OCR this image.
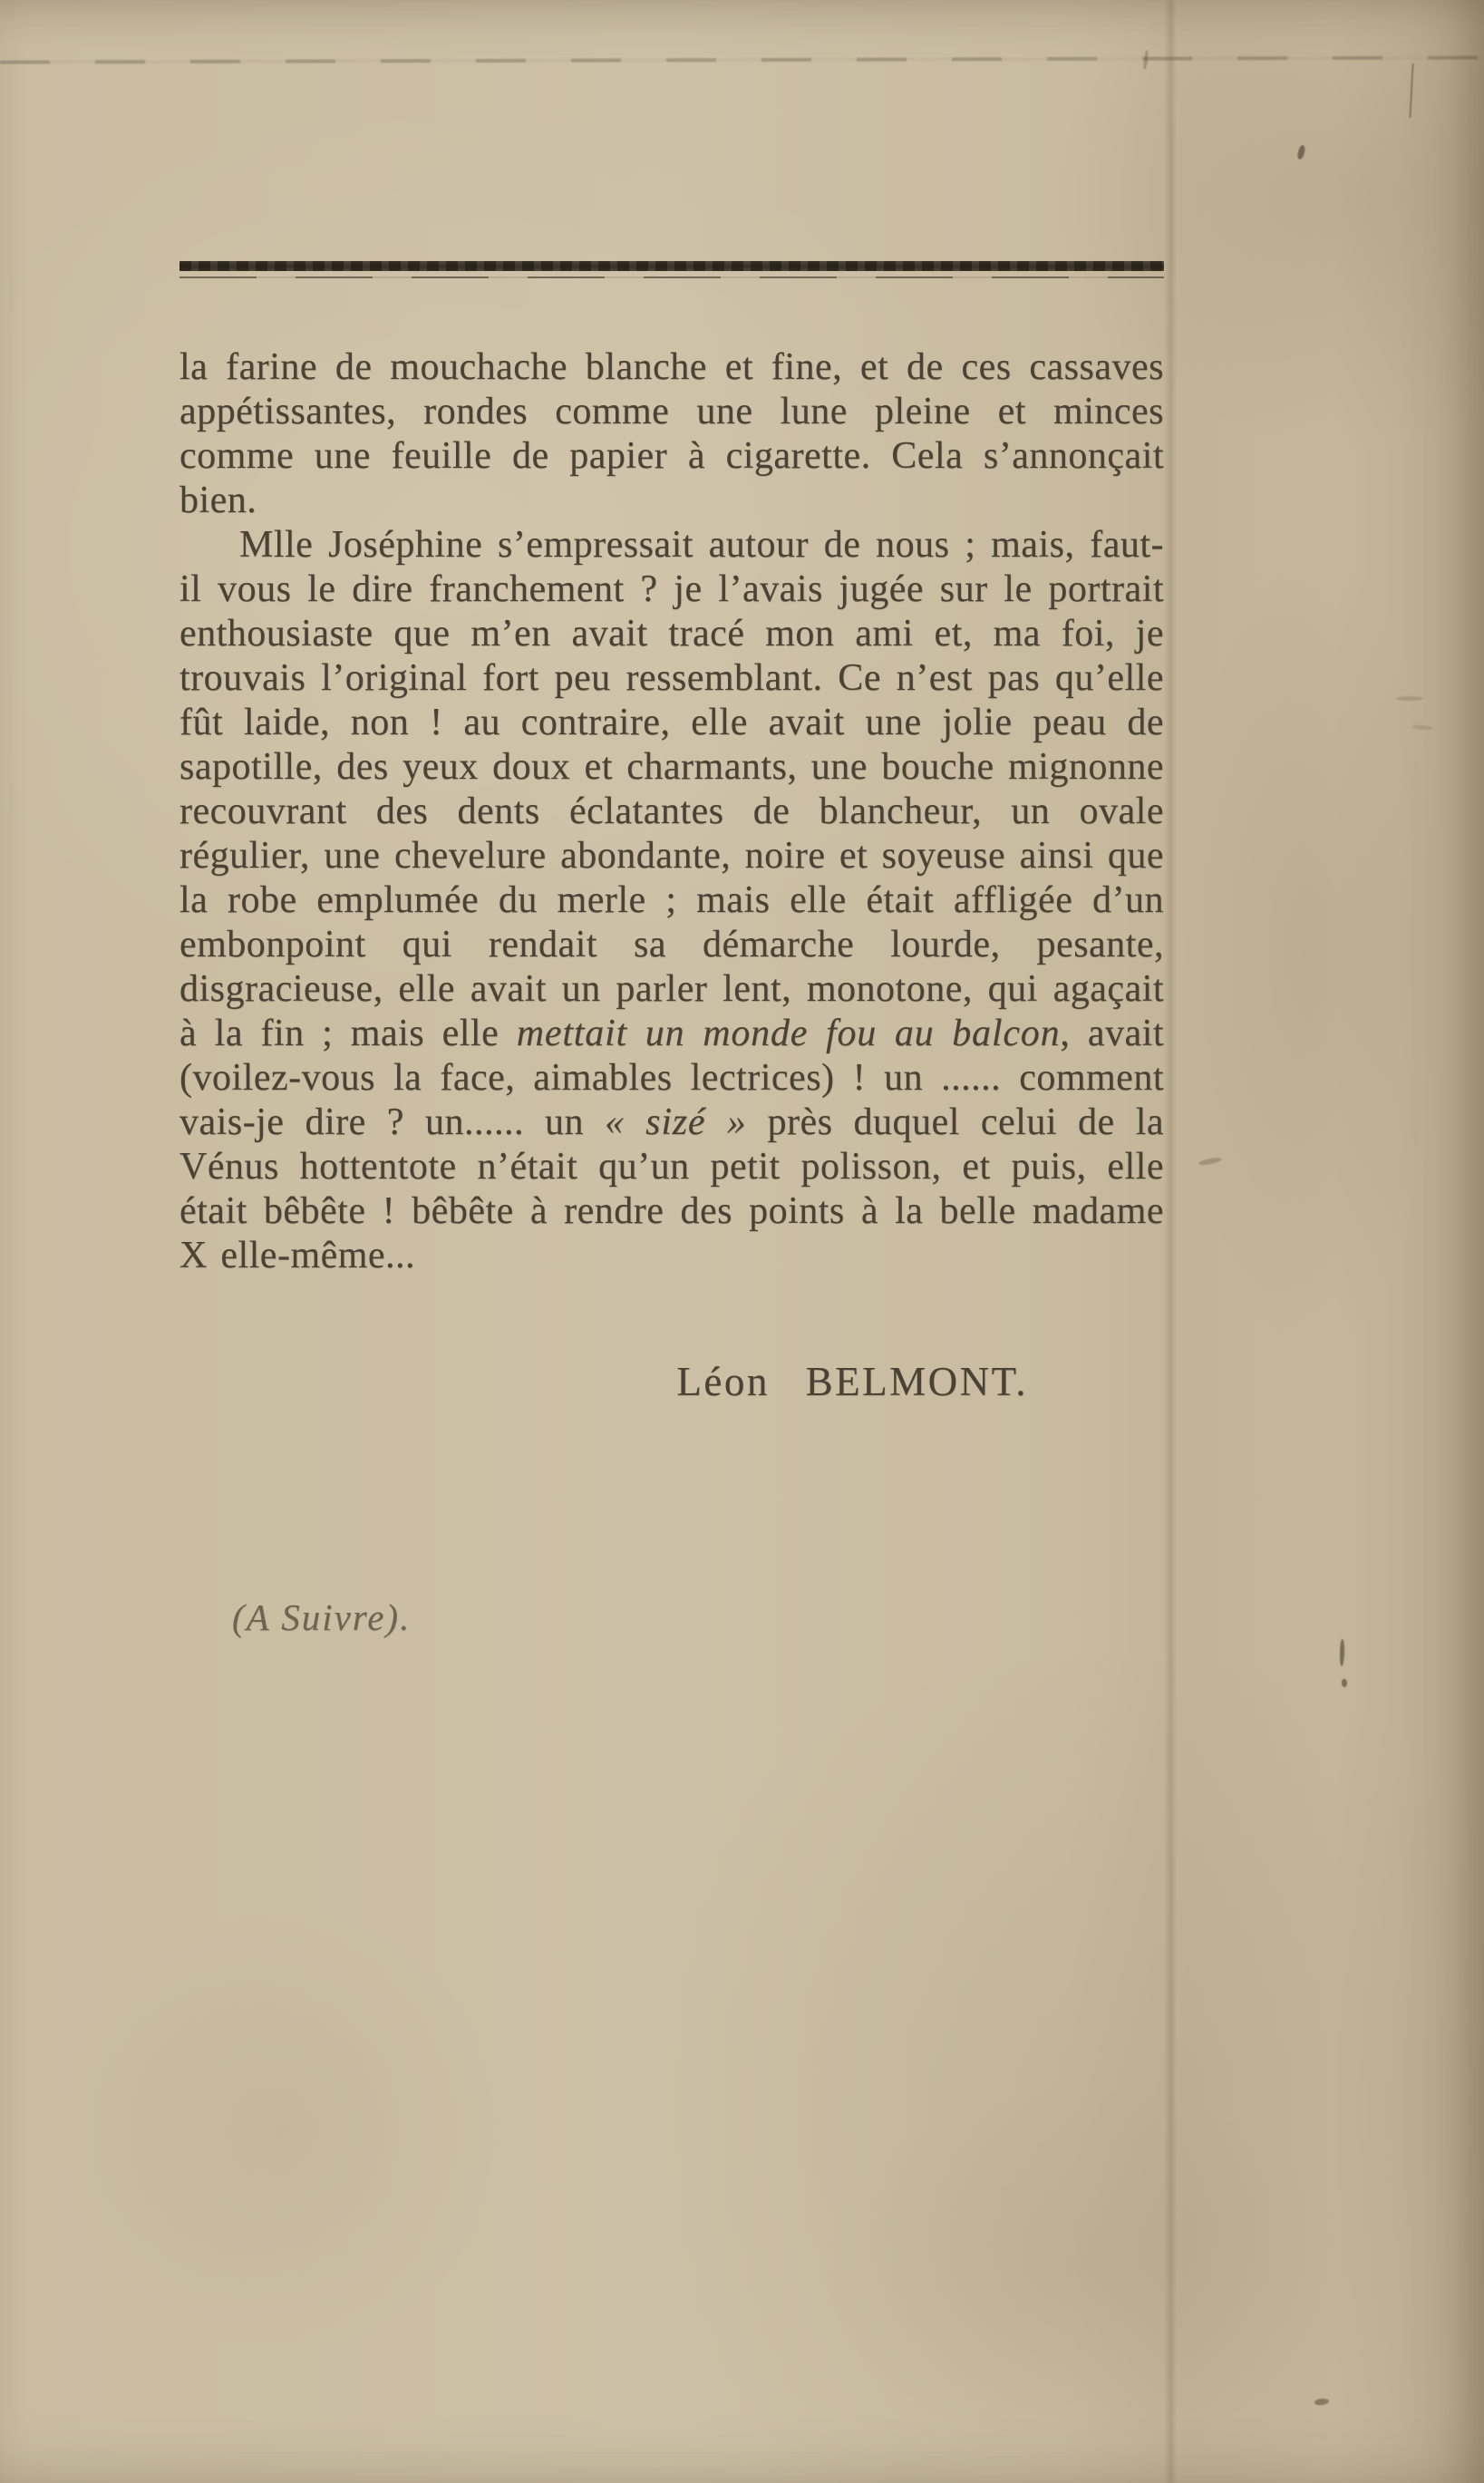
la farine de mouchache blanche et fine, et de ces cassaves appétissantes, rondes comme une lune pleine et minces comme une feuille de papier à cigarette. Cela s’annonçait bien.

Mlle Joséphine s’empressait autour de nous ; mais, faut-il vous le dire franchement ? je l’avais jugée sur le portrait enthousiaste que m’en avait tracé mon ami et, ma foi, je trouvais l’original fort peu ressemblant. Ce n’est pas qu’elle fût laide, non ! au contraire, elle avait une jolie peau de sapotille, des yeux doux et charmants, une bouche mignonne recouvrant des dents éclatantes de blancheur, un ovale régulier, une chevelure abondante, noire et soyeuse ainsi que la robe emplumée du merle ; mais elle était affligée d’un embonpoint qui rendait sa démarche lourde, pesante, disgracieuse, elle avait un parler lent, monotone, qui agaçait à la fin ; mais elle mettait un monde fou au balcon, avait (voilez-vous la face, aimables lectrices) ! un ...... comment vais-je dire ? un...... un « sizé » près duquel celui de la Vénus hottentote n’était qu’un petit polisson, et puis, elle était bêbête ! bêbête à rendre des points à la belle madame X elle-même...

Léon BELMONT.
(A Suivre).
